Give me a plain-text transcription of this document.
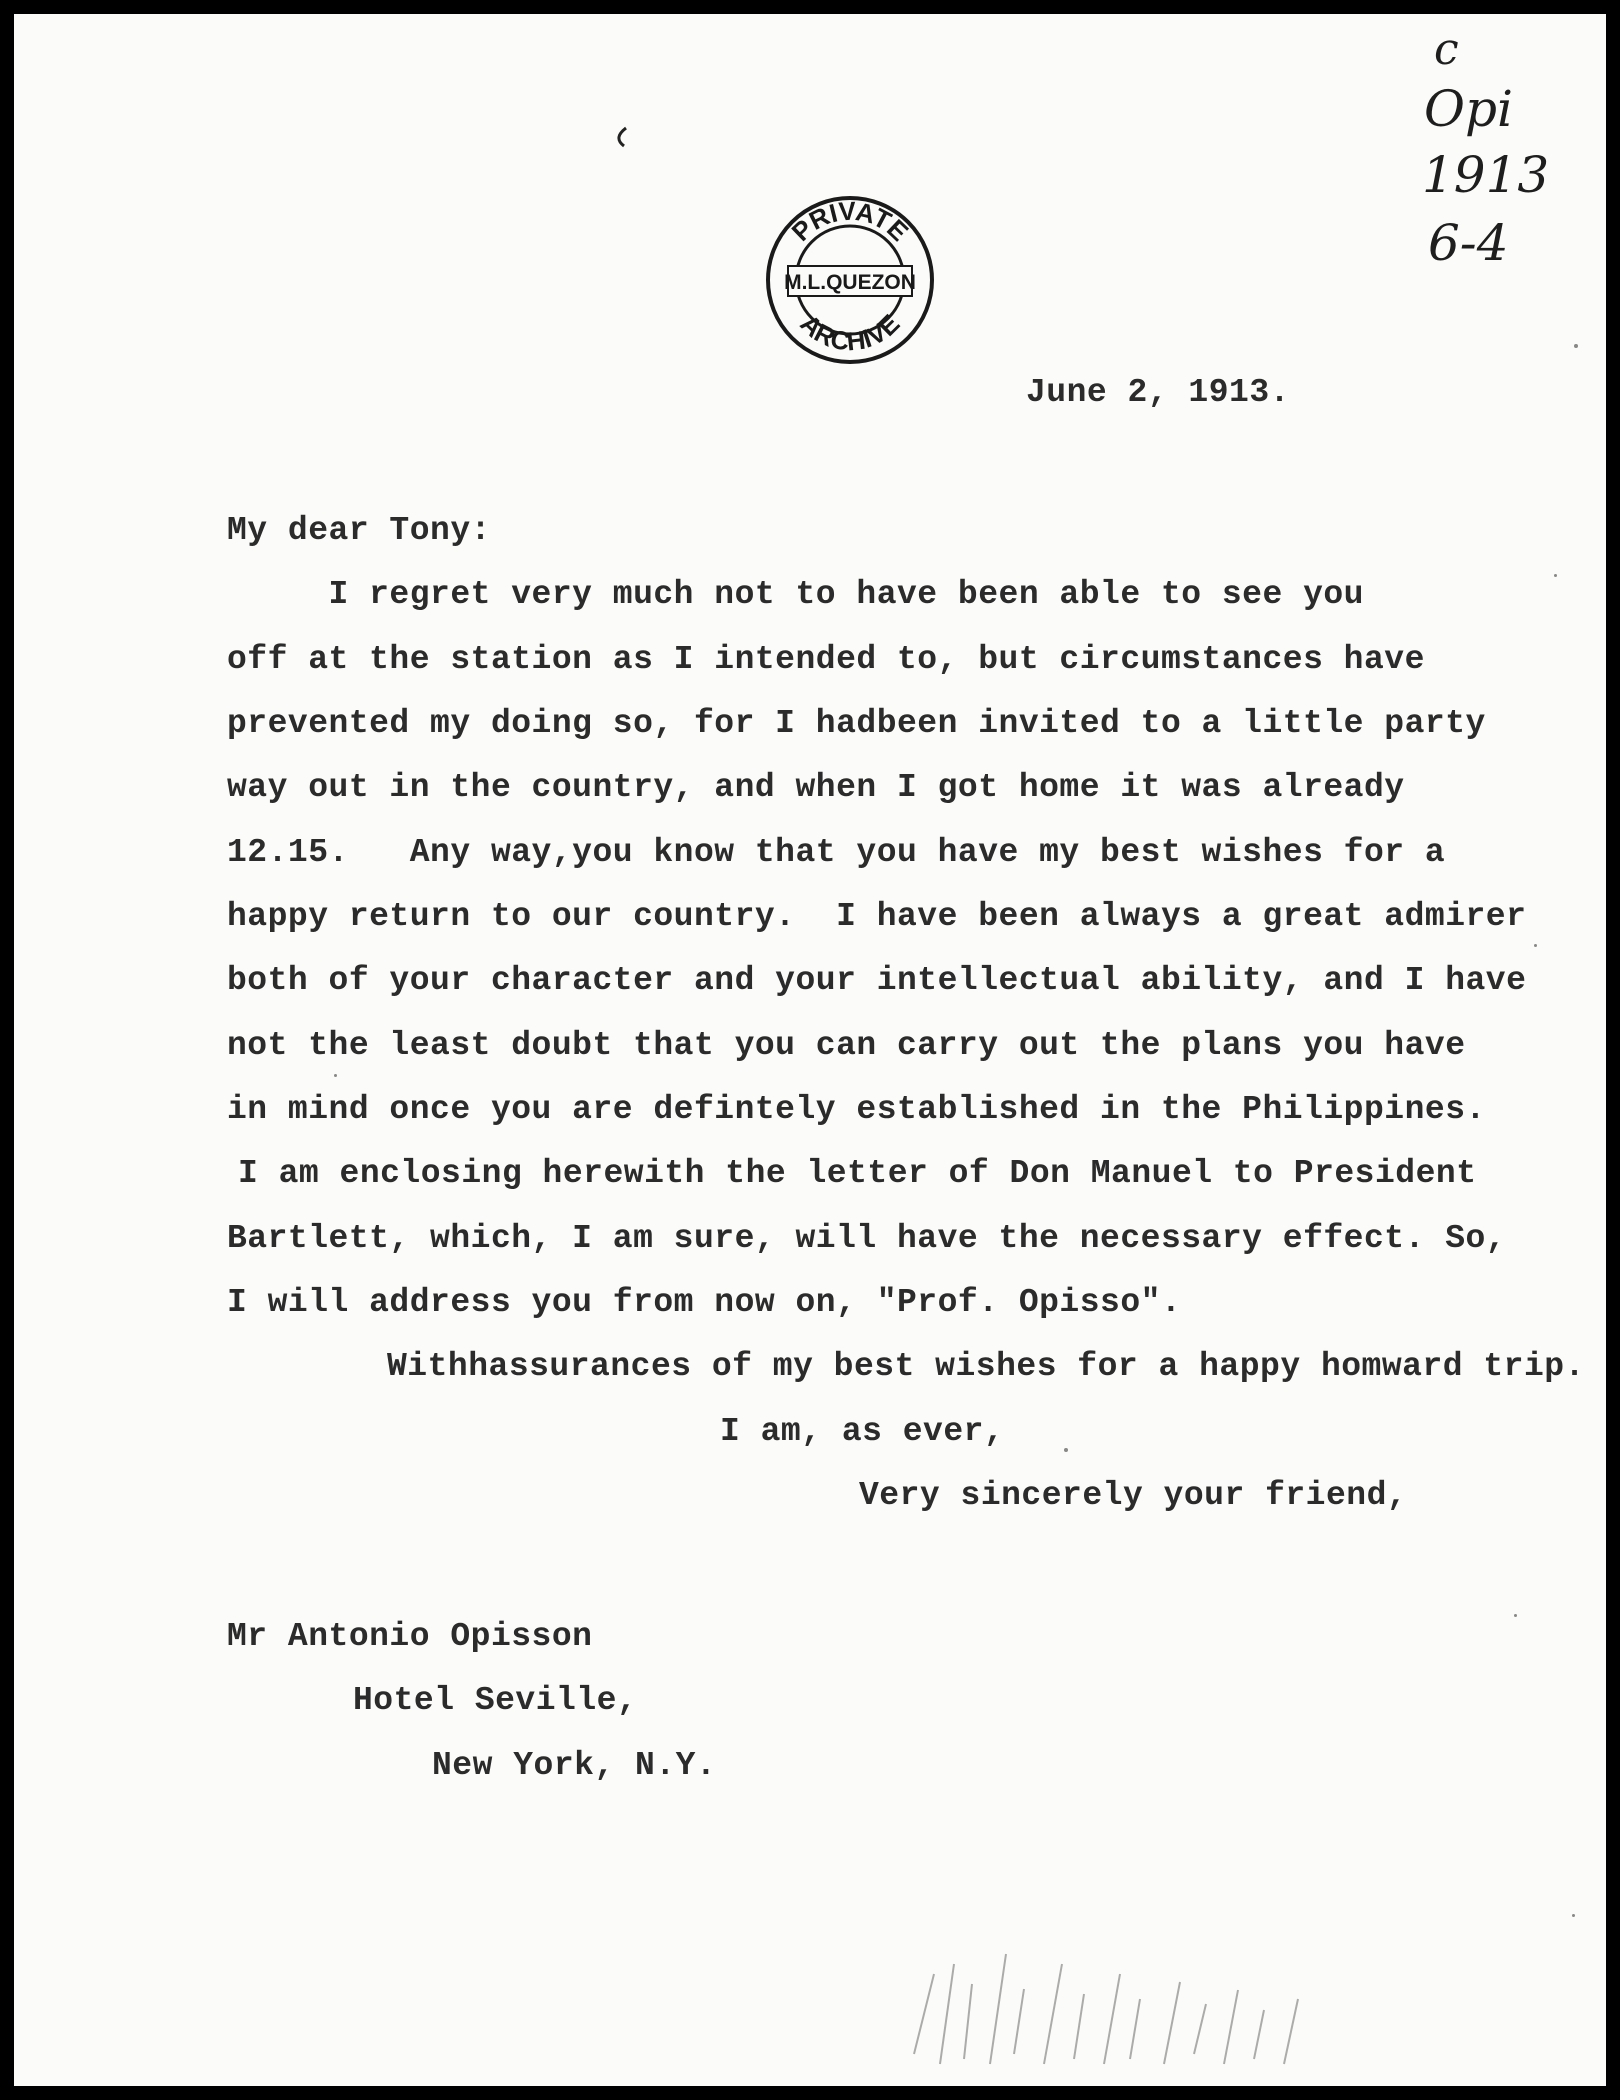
PRIVATE
ARCHIVE
M.L.QUEZON
c
Opi
1913
6-4
June 2, 1913.
My dear Tony:
I regret very much not to have been able to see you
off at the station as I intended to, but circumstances have
prevented my doing so, for I hadbeen invited to a little party
way out in the country, and when I got home it was already
12.15.   Any way,you know that you have my best wishes for a
happy return to our country.  I have been always a great admirer
both of your character and your intellectual ability, and I have
not the least doubt that you can carry out the plans you have
in mind once you are defintely established in the Philippines.
I am enclosing herewith the letter of Don Manuel to President
Bartlett, which, I am sure, will have the necessary effect. So,
I will address you from now on, "Prof. Opisso".
Withhassurances of my best wishes for a happy homward trip.
I am, as ever,
Very sincerely your friend,
Mr Antonio Opisson
Hotel Seville,
New York, N.Y.
